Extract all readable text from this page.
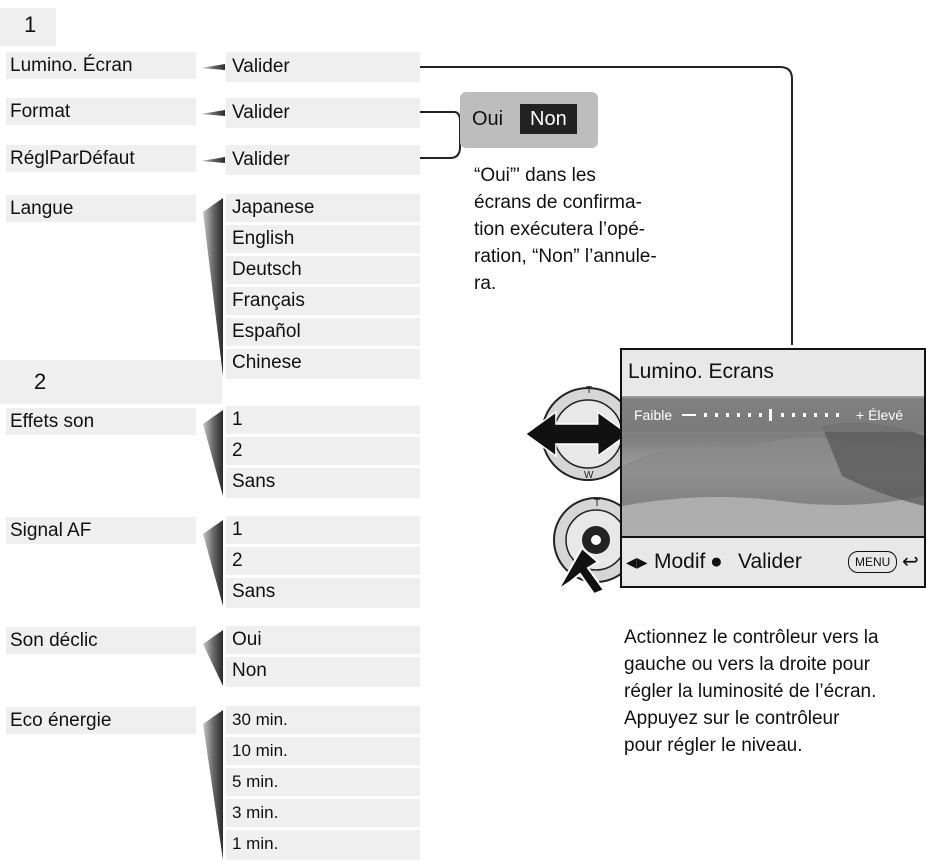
1
Lumino. Écran	Valider
Format	Valider
RéglParDéfaut	Valider
Langue	Japanese
English
Deutsch
Français
Español
Chinese
2
Effets son	1
2
Sans
Signal AF	1
2
Sans
Son déclic	Oui
Non
Eco énergie	30 min.
10 min.
5 min.
3 min.
1 min.
Oui	Non
“Oui”' dans les
écrans de confirma-
tion exécutera l’opé-
ration, “Non” l’annule-
ra.
T
W
T
Lumino. Ecrans
Faible	+ Élevé
◀▶ Modif ● Valider	MENU ↩
Actionnez le contrôleur vers la
gauche ou vers la droite pour
régler la luminosité de l’écran.
Appuyez sur le contrôleur
pour régler le niveau.
